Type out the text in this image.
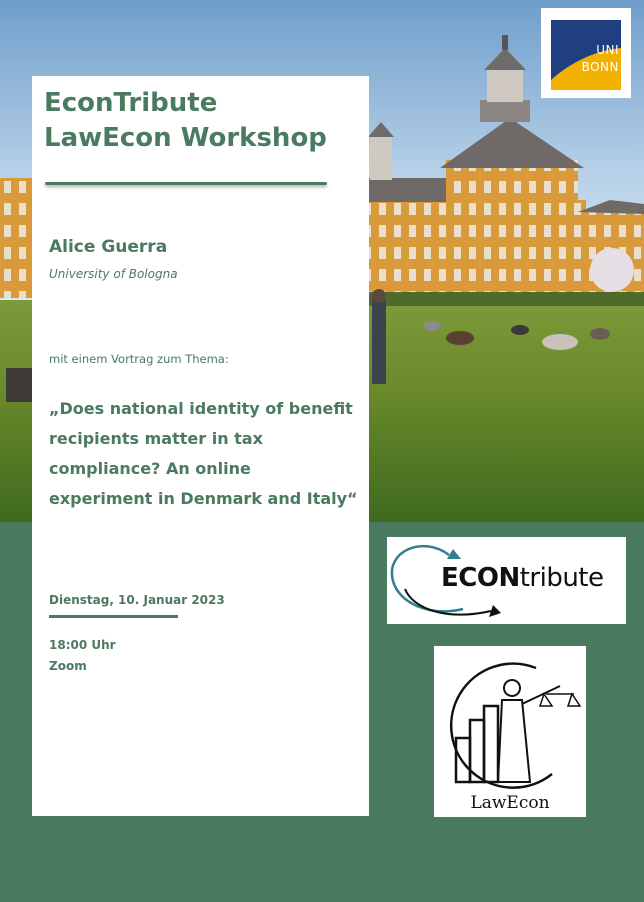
UNI
BONN
EconTribute
LawEcon Workshop
Alice Guerra
University of Bologna
mit einem Vortrag zum Thema:
„Does national identity of benefit
recipients matter in tax
compliance? An online
experiment in Denmark and Italy“
Dienstag, 10. Januar 2023
18:00 Uhr
Zoom
ECONtribute
LawEcon
